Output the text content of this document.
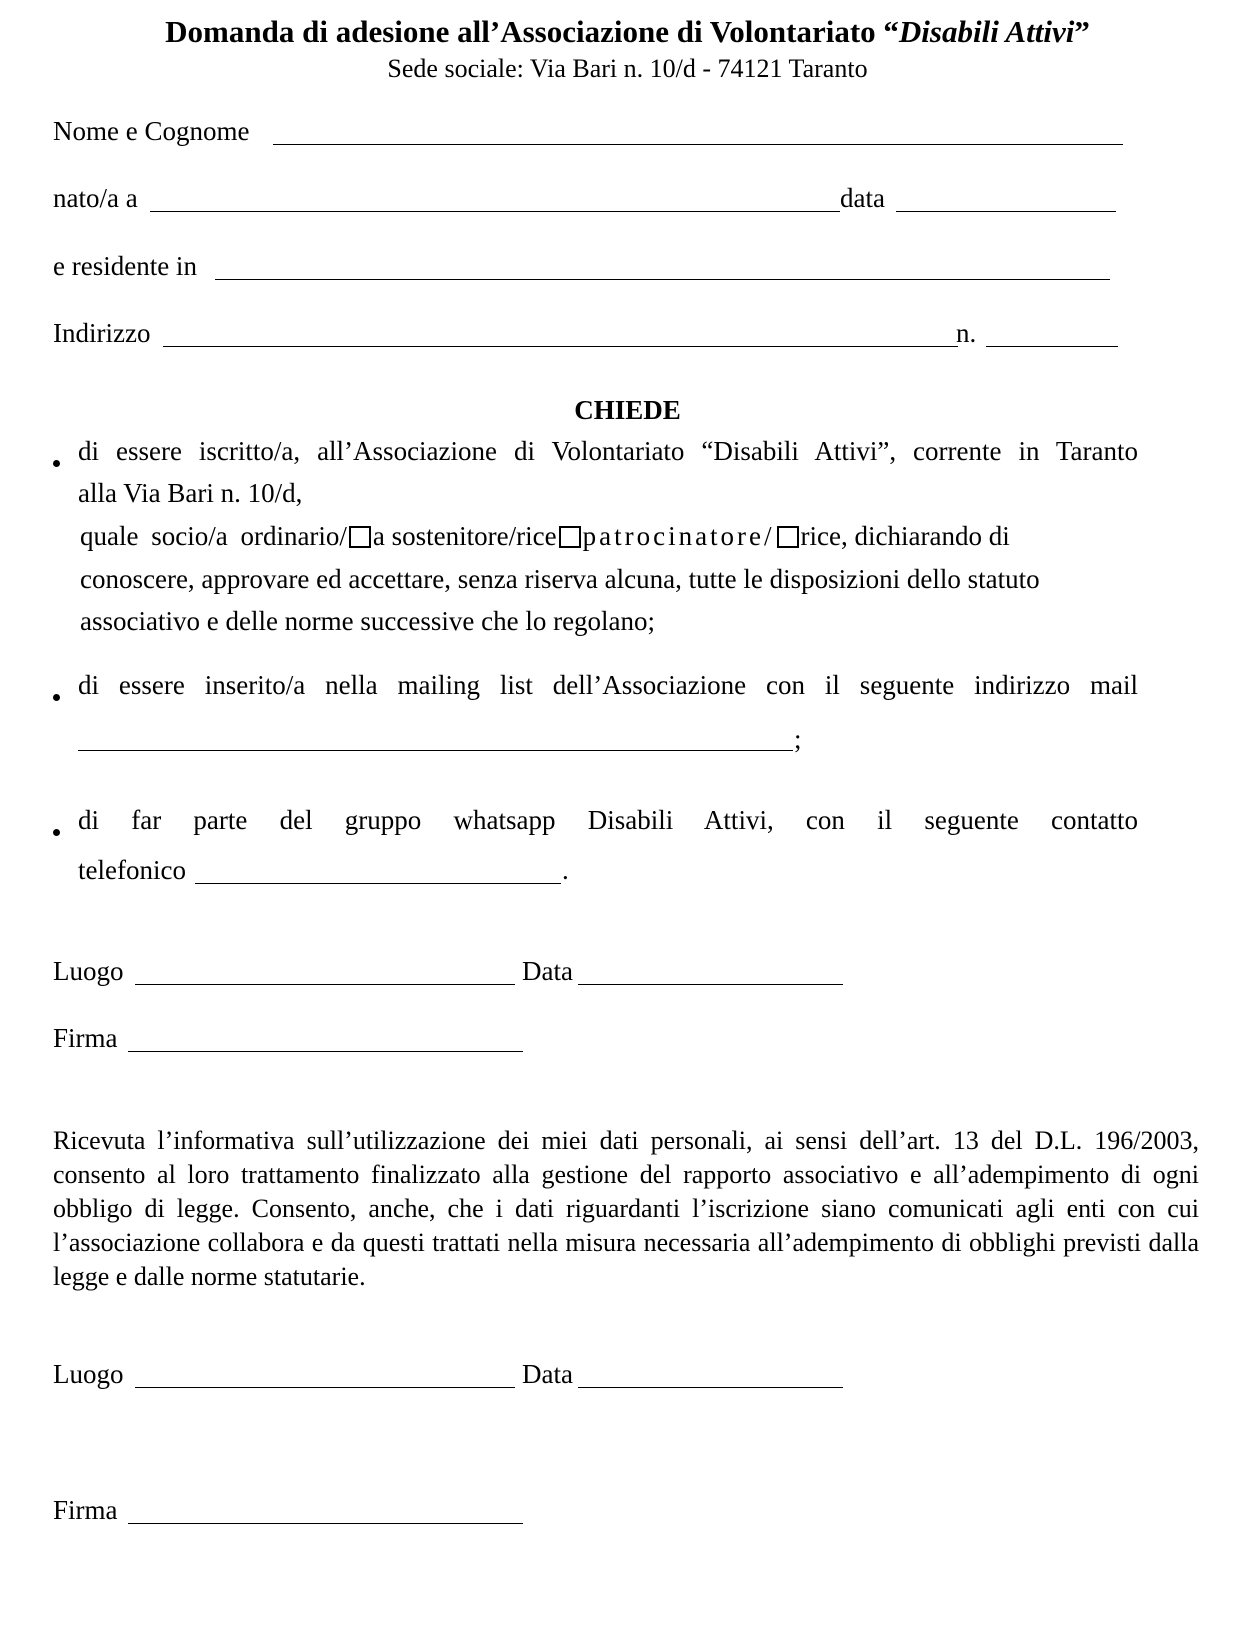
Domanda di adesione all’Associazione di Volontariato “Disabili Attivi”
Sede sociale: Via Bari n. 10/d - 74121 Taranto
Nome e Cognome
nato/a a	data
e residente in
Indirizzo	n.
CHIEDE
di essere iscritto/a, all’Associazione di Volontariato “Disabili Attivi”, corrente in Taranto
alla Via Bari n. 10/d,
quale socio/a ordinario/ a sostenitore/rice patrocinatore/ rice, dichiarando di
conoscere, approvare ed accettare, senza riserva alcuna, tutte le disposizioni dello statuto
associativo e delle norme successive che lo regolano;
di essere inserito/a nella mailing list dell’Associazione con il seguente indirizzo mail
;
di far parte del gruppo whatsapp Disabili Attivi, con il seguente contatto
telefonico	.
Luogo	Data
Firma
Ricevuta l’informativa sull’utilizzazione dei miei dati personali, ai sensi dell’art. 13 del D.L. 196/2003, consento al loro trattamento finalizzato alla gestione del rapporto associativo e all’adempimento di ogni obbligo di legge. Consento, anche, che i dati riguardanti l’iscrizione siano comunicati agli enti con cui l’associazione collabora e da questi trattati nella misura necessaria all’adempimento di obblighi previsti dalla legge e dalle norme statutarie.
Luogo	Data
Firma
